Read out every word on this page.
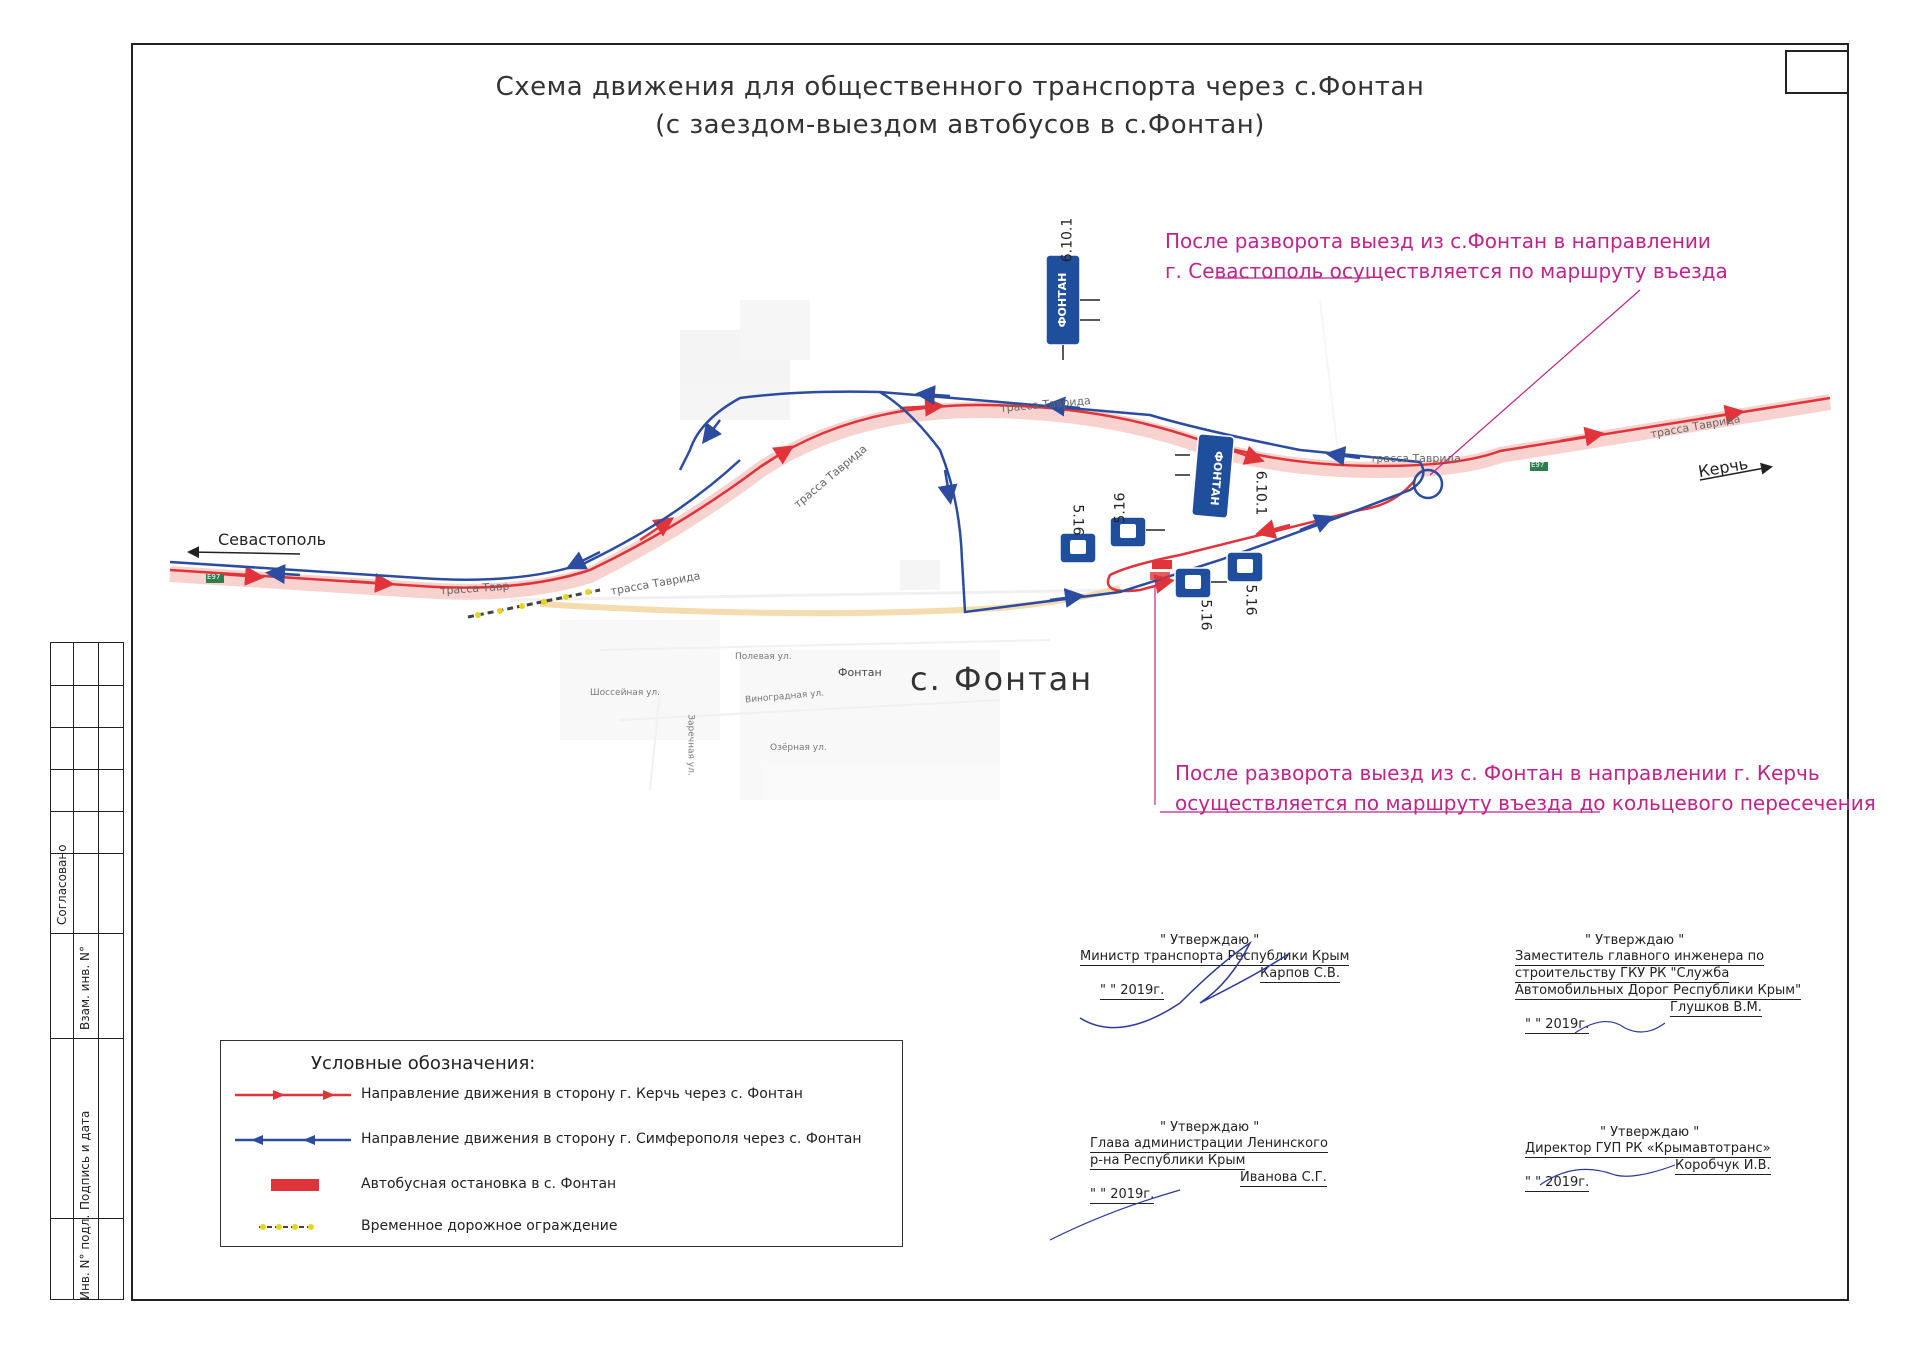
Схема движения для общественного транспорта через с.Фонтан
(с заездом-выездом автобусов в с.Фонтан)
ФОНТАН
ФОНТАН
Е97
Е97
трасса Тавр	трасса Таврида
трасса Таврида
трасса Таврида
трасса Таврида
трасса Таврида
Севастополь
Керчь
с. Фонтан
Фонтан
Полевая ул.
Шоссейная ул.	Виноградная ул.
Озёрная ул.
Заречная ул.
6.10.1
6.10.1
5.16 5.16
5.16 5.16
После разворота выезд из с.Фонтан в направлении
г. Севастополь осуществляется по маршруту въезда
После разворота выезд из с. Фонтан в направлении г. Керчь
осуществляется по маршруту въезда до кольцевого пересечения
Условные обозначения:
Направление движения в сторону г. Керчь через с. Фонтан
Направление движения в сторону г. Симферополя через с. Фонтан
Автобусная остановка в с. Фонтан
Временное дорожное ограждение
" Утверждаю "
Министр транспорта Республики Крым
Карпов С.В.
" " 2019г.
" Утверждаю "
Заместитель главного инженера по
строительству ГКУ РК "Служба
Автомобильных Дорог Республики Крым"
Глушков В.М.
" " 2019г.
" Утверждаю "
Глава администрации Ленинского
р-на Республики Крым
Иванова С.Г.
" " 2019г.
" Утверждаю "
Директор ГУП РК «Крымавтотранс»
Коробчук И.В.
" " 2019г.
Согласовано
Взам. инв. N°
Подпись и дата
Инв. N° подл.
